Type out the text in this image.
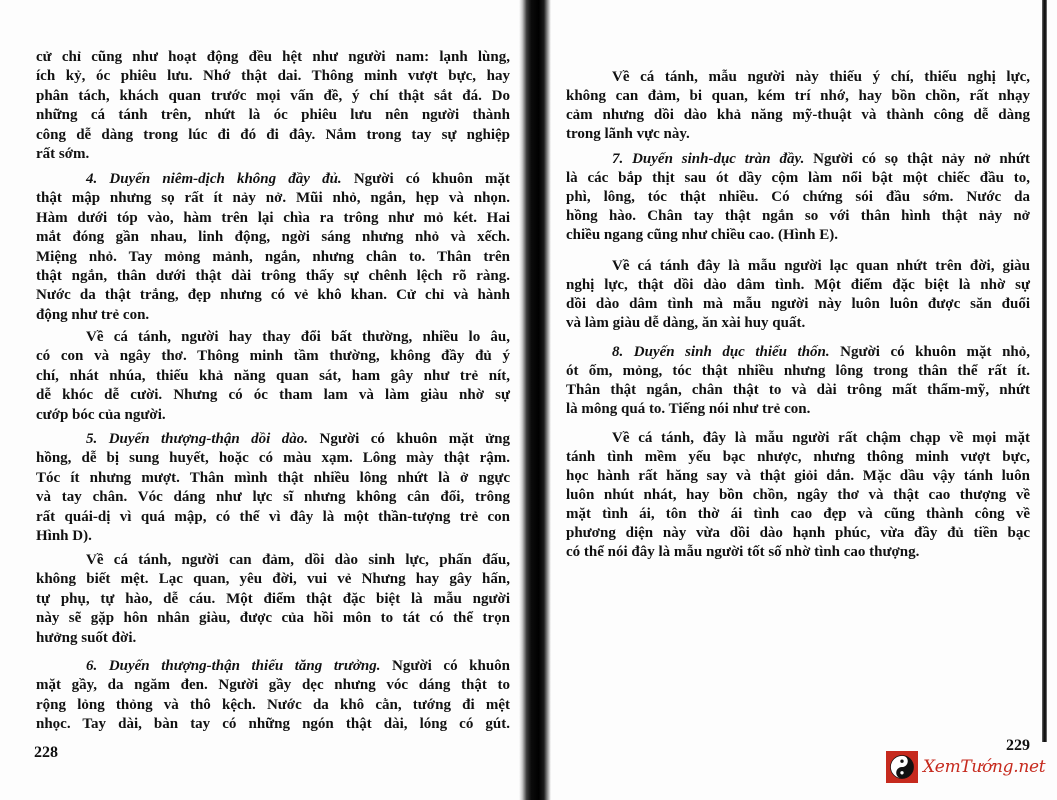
cử chỉ cũng như hoạt động đều hệt như người nam: lạnh lùng,
ích kỷ, óc phiêu lưu. Nhớ thật dai. Thông minh vượt bực, hay
phân tách, khách quan trước mọi vấn đề, ý chí thật sắt đá. Do
những cá tánh trên, nhứt là óc phiêu lưu nên người thành
công dễ dàng trong lúc đi đó đi đây. Nắm trong tay sự nghiệp
rất sớm.
4. Duyến niêm-dịch không đầy đủ. Người có khuôn mặt
thật mập nhưng sọ rất ít nảy nở. Mũi nhỏ, ngắn, hẹp và nhọn.
Hàm dưới tóp vào, hàm trên lại chìa ra trông như mỏ két. Hai
mắt đóng gần nhau, linh động, ngời sáng nhưng nhỏ và xếch.
Miệng nhỏ. Tay mỏng mảnh, ngắn, nhưng chân to. Thân trên
thật ngắn, thân dưới thật dài trông thấy sự chênh lệch rõ ràng.
Nước da thật trắng, đẹp nhưng có vẻ khô khan. Cử chỉ và hành
động như trẻ con.
Về cá tánh, người hay thay đổi bất thường, nhiều lo âu,
có con và ngây thơ. Thông minh tầm thường, không đầy đủ ý
chí, nhát nhúa, thiếu khả năng quan sát, ham gây như trẻ nít,
dễ khóc dễ cười. Nhưng có óc tham lam và làm giàu nhờ sự
cướp bóc của người.
5. Duyến thượng-thận dồi dào. Người có khuôn mặt ửng
hồng, dễ bị sung huyết, hoặc có màu xạm. Lông mày thật rậm.
Tóc ít nhưng mượt. Thân mình thật nhiều lông nhứt là ở ngực
và tay chân. Vóc dáng như lực sĩ nhưng không cân đối, trông
rất quái-dị vì quá mập, có thể vì đây là một thần-tượng trẻ con
Hình D).
Về cá tánh, người can đảm, dồi dào sinh lực, phấn đấu,
không biết mệt. Lạc quan, yêu đời, vui vẻ Nhưng hay gây hấn,
tự phụ, tự hào, dễ cáu. Một điểm thật đặc biệt là mẫu người
này sẽ gặp hôn nhân giàu, được của hồi môn to tát có thể trọn
hưởng suốt đời.
6. Duyến thượng-thận thiếu tăng trưởng. Người có khuôn
mặt gầy, da ngăm đen. Người gầy dẹc nhưng vóc dáng thật to
rộng lỏng thỏng và thô kệch. Nước da khô cằn, tướng đi mệt
nhọc. Tay dài, bàn tay có những ngón thật dài, lóng có gút.
228
Về cá tánh, mẫu người này thiếu ý chí, thiếu nghị lực,
không can đảm, bi quan, kém trí nhớ, hay bồn chồn, rất nhạy
cảm nhưng dồi dào khả năng mỹ-thuật và thành công dễ dàng
trong lãnh vực này.
7. Duyến sinh-dục tràn đầy. Người có sọ thật nảy nở nhứt
là các bắp thịt sau ót dầy cộm làm nổi bật một chiếc đầu to,
phì, lông, tóc thật nhiều. Có chứng sói đầu sớm. Nước da
hồng hào. Chân tay thật ngắn so với thân hình thật nảy nở
chiều ngang cũng như chiều cao. (Hình E).
Về cá tánh đây là mẫu người lạc quan nhứt trên đời, giàu
nghị lực, thật dồi dào dâm tình. Một điểm đặc biệt là nhờ sự
dồi dào dâm tình mà mẫu người này luôn luôn được săn đuổi
và làm giàu dễ dàng, ăn xài huy quất.
8. Duyến sinh dục thiếu thốn. Người có khuôn mặt nhỏ,
ót ốm, mỏng, tóc thật nhiều nhưng lông trong thân thể rất ít.
Thân thật ngắn, chân thật to và dài trông mất thẩm-mỹ, nhứt
là mông quá to. Tiếng nói như trẻ con.
Về cá tánh, đây là mẫu người rất chậm chạp về mọi mặt
tánh tình mềm yếu bạc nhược, nhưng thông minh vượt bực,
học hành rất hăng say và thật giỏi dắn. Mặc dầu vậy tánh luôn
luôn nhút nhát, hay bồn chồn, ngây thơ và thật cao thượng về
mặt tình ái, tôn thờ ái tình cao đẹp và cũng thành công về
phương diện này vừa dồi dào hạnh phúc, vừa đầy đủ tiền bạc
có thể nói đây là mẫu người tốt số nhờ tình cao thượng.
229
XemTướng.net
